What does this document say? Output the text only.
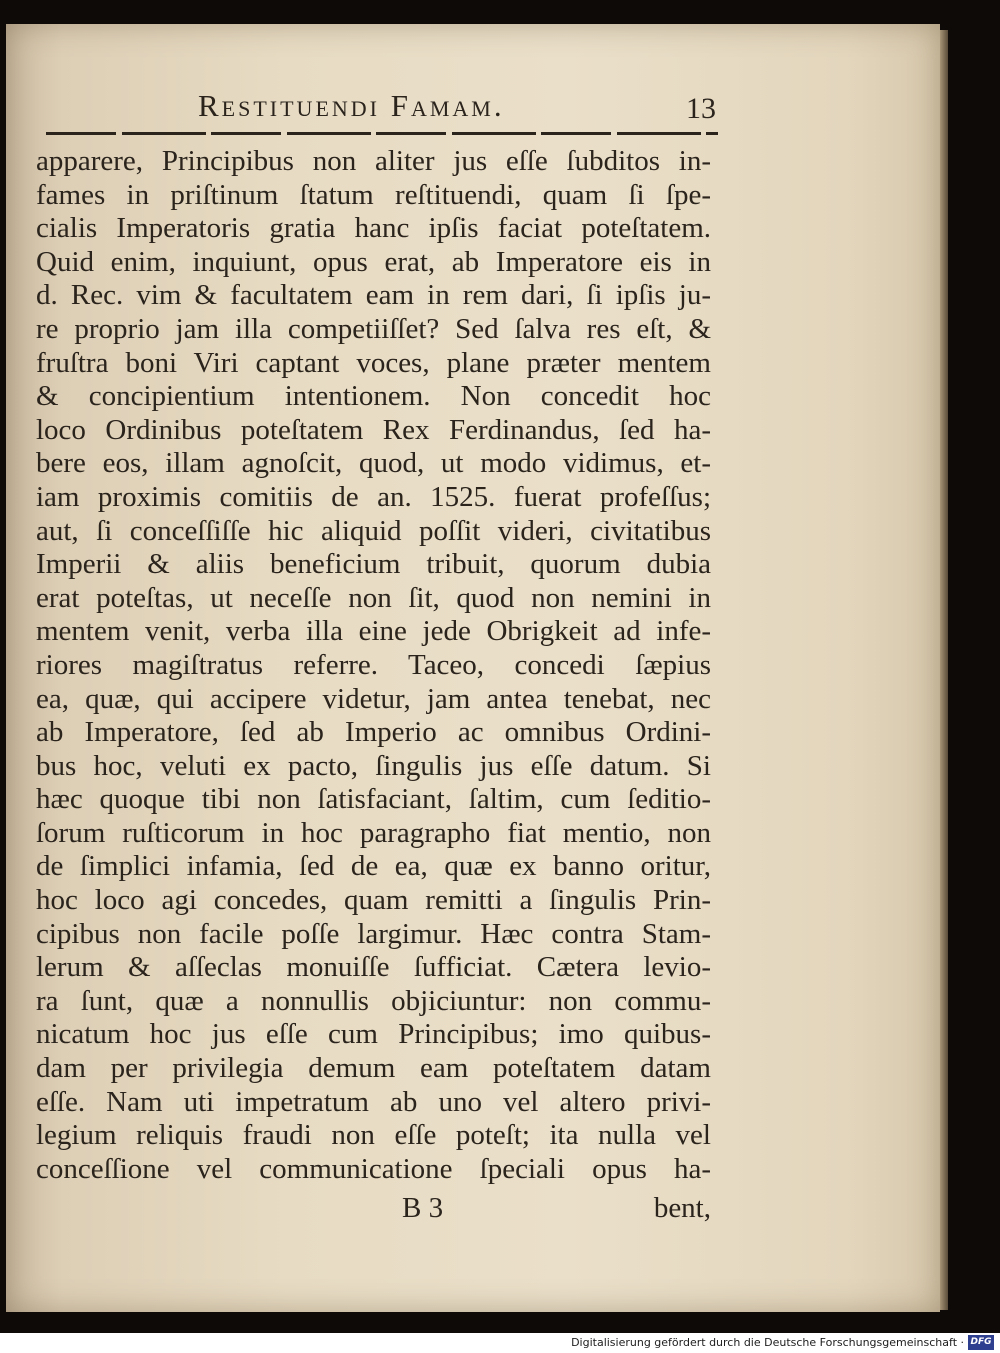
Restituendi Famam.	13
apparere, Principibus non aliter jus eſſe ſubditos in-
fames in priſtinum ſtatum reſtituendi, quam ſi ſpe-
cialis Imperatoris gratia hanc ipſis faciat poteſtatem.
Quid enim, inquiunt, opus erat, ab Imperatore eis in
d. Rec. vim & facultatem eam in rem dari, ſi ipſis ju-
re proprio jam illa competiiſſet? Sed ſalva res eſt, &
fruſtra boni Viri captant voces, plane præter mentem
& concipientium intentionem. Non concedit hoc
loco Ordinibus poteſtatem Rex Ferdinandus, ſed ha-
bere eos, illam agnoſcit, quod, ut modo vidimus, et-
iam proximis comitiis de an. 1525. fuerat profeſſus;
aut, ſi conceſſiſſe hic aliquid poſſit videri, civitatibus
Imperii & aliis beneficium tribuit, quorum dubia
erat poteſtas, ut neceſſe non ſit, quod non nemini in
mentem venit, verba illa eine jede Obrigkeit ad infe-
riores magiſtratus referre. Taceo, concedi ſæpius
ea, quæ, qui accipere videtur, jam antea tenebat, nec
ab Imperatore, ſed ab Imperio ac omnibus Ordini-
bus hoc, veluti ex pacto, ſingulis jus eſſe datum. Si
hæc quoque tibi non ſatisfaciant, ſaltim, cum ſeditio-
ſorum ruſticorum in hoc paragrapho fiat mentio, non
de ſimplici infamia, ſed de ea, quæ ex banno oritur,
hoc loco agi concedes, quam remitti a ſingulis Prin-
cipibus non facile poſſe largimur. Hæc contra Stam-
lerum & aſſeclas monuiſſe ſufficiat. Cætera levio-
ra ſunt, quæ a nonnullis objiciuntur: non commu-
nicatum hoc jus eſſe cum Principibus; imo quibus-
dam per privilegia demum eam poteſtatem datam
eſſe. Nam uti impetratum ab uno vel altero privi-
legium reliquis fraudi non eſſe poteſt; ita nulla vel
conceſſione vel communicatione ſpeciali opus ha-
B 3	bent,
Digitalisierung gefördert durch die Deutsche Forschungsgemeinschaft · DFG
